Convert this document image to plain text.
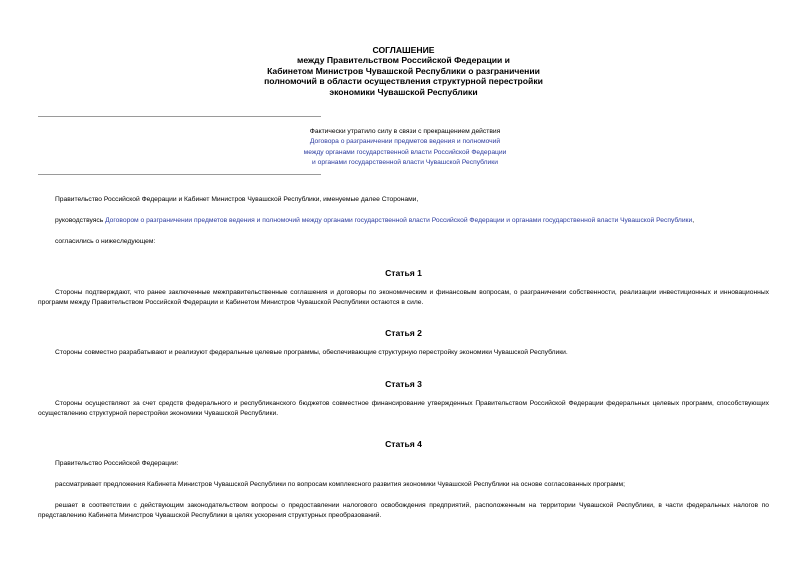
СОГЛАШЕНИЕ
между Правительством Российской Федерации и
Кабинетом Министров Чувашской Республики о разграничении
полномочий в области осуществления структурной перестройки
экономики Чувашской Республики
Фактически утратило силу в связи с прекращением действия
Договора о разграничении предметов ведения и полномочий
между органами государственной власти Российской Федерации
и органами государственной власти Чувашской Республики
Правительство Российской Федерации и Кабинет Министров Чувашской Республики, именуемые далее Сторонами,
руководствуясь Договором о разграничении предметов ведения и полномочий между органами государственной власти Российской Федерации и органами государственной власти Чувашской Республики,
согласились о нижеследующем:
Статья 1
Стороны подтверждают, что ранее заключенные межправительственные соглашения и договоры по экономическим и финансовым вопросам, о разграничении собственности, реализации инвестиционных и инновационных программ между Правительством Российской Федерации и Кабинетом Министров Чувашской Республики остаются в силе.
Статья 2
Стороны совместно разрабатывают и реализуют федеральные целевые программы, обеспечивающие структурную перестройку экономики Чувашской Республики.
Статья 3
Стороны осуществляют за счет средств федерального и республиканского бюджетов совместное финансирование утвержденных Правительством Российской Федерации федеральных целевых программ, способствующих осуществлению структурной перестройки экономики Чувашской Республики.
Статья 4
Правительство Российской Федерации:
рассматривает предложения Кабинета Министров Чувашской Республики по вопросам комплексного развития экономики Чувашской Республики на основе согласованных программ;
решает в соответствии с действующим законодательством вопросы о предоставлении налогового освобождения предприятий, расположенным на территории Чувашской Республики, в части федеральных налогов по представлению Кабинета Министров Чувашской Республики в целях ускорения структурных преобразований.
